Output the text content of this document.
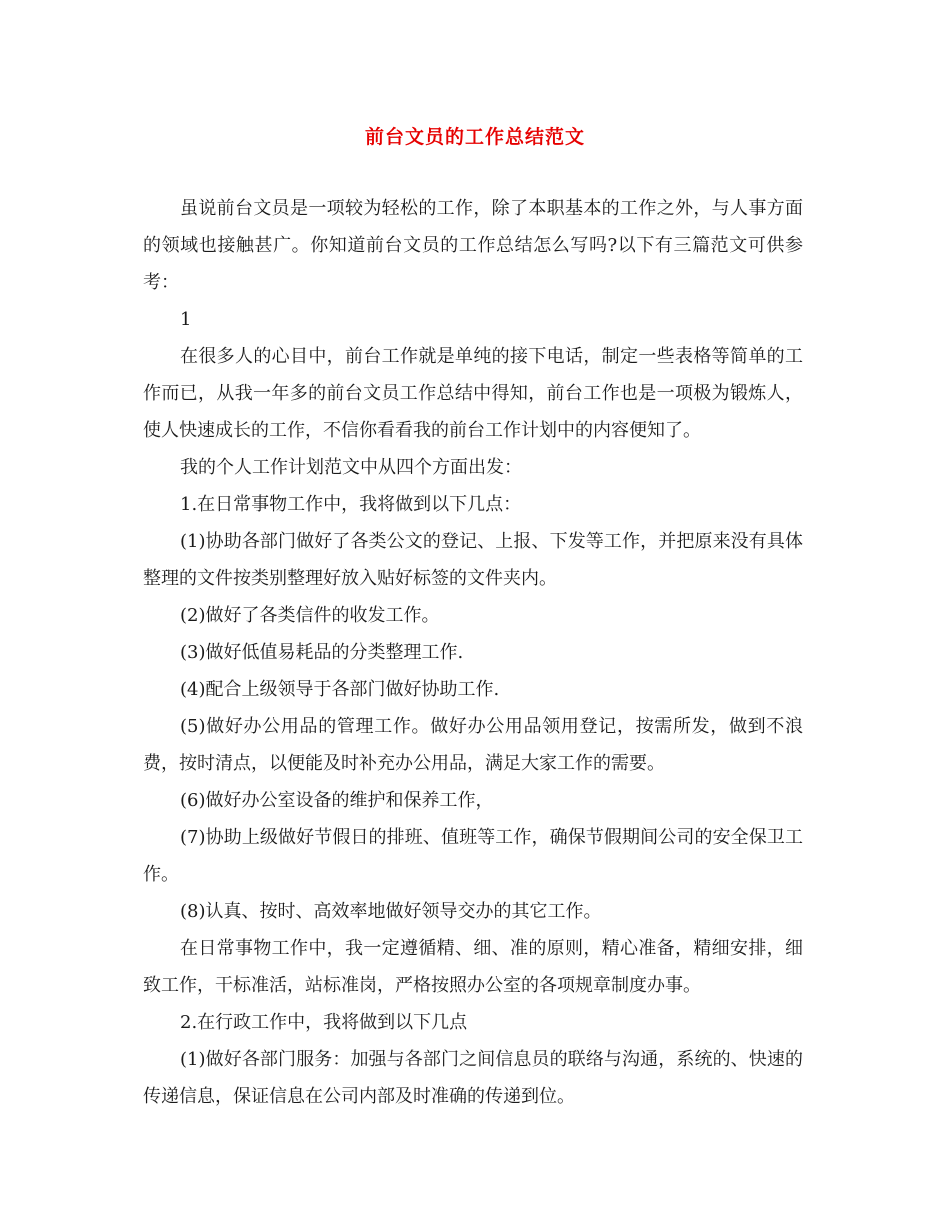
前台文员的工作总结范文

虽说前台文员是一项较为轻松的工作，除了本职基本的工作之外，与人事方面的领域也接触甚广。你知道前台文员的工作总结怎么写吗?以下有三篇范文可供参考：

1

在很多人的心目中，前台工作就是单纯的接下电话，制定一些表格等简单的工作而已，从我一年多的前台文员工作总结中得知，前台工作也是一项极为锻炼人，使人快速成长的工作，不信你看看我的前台工作计划中的内容便知了。

我的个人工作计划范文中从四个方面出发：

1.在日常事物工作中，我将做到以下几点：

(1)协助各部门做好了各类公文的登记、上报、下发等工作，并把原来没有具体整理的文件按类别整理好放入贴好标签的文件夹内。

(2)做好了各类信件的收发工作。

(3)做好低值易耗品的分类整理工作.

(4)配合上级领导于各部门做好协助工作.

(5)做好办公用品的管理工作。做好办公用品领用登记，按需所发，做到不浪费，按时清点，以便能及时补充办公用品，满足大家工作的需要。

(6)做好办公室设备的维护和保养工作，

(7)协助上级做好节假日的排班、值班等工作，确保节假期间公司的安全保卫工作。

(8)认真、按时、高效率地做好领导交办的其它工作。

在日常事物工作中，我一定遵循精、细、准的原则，精心准备，精细安排，细致工作，干标准活，站标准岗，严格按照办公室的各项规章制度办事。

2.在行政工作中，我将做到以下几点

(1)做好各部门服务：加强与各部门之间信息员的联络与沟通，系统的、快速的传递信息，保证信息在公司内部及时准确的传递到位。
